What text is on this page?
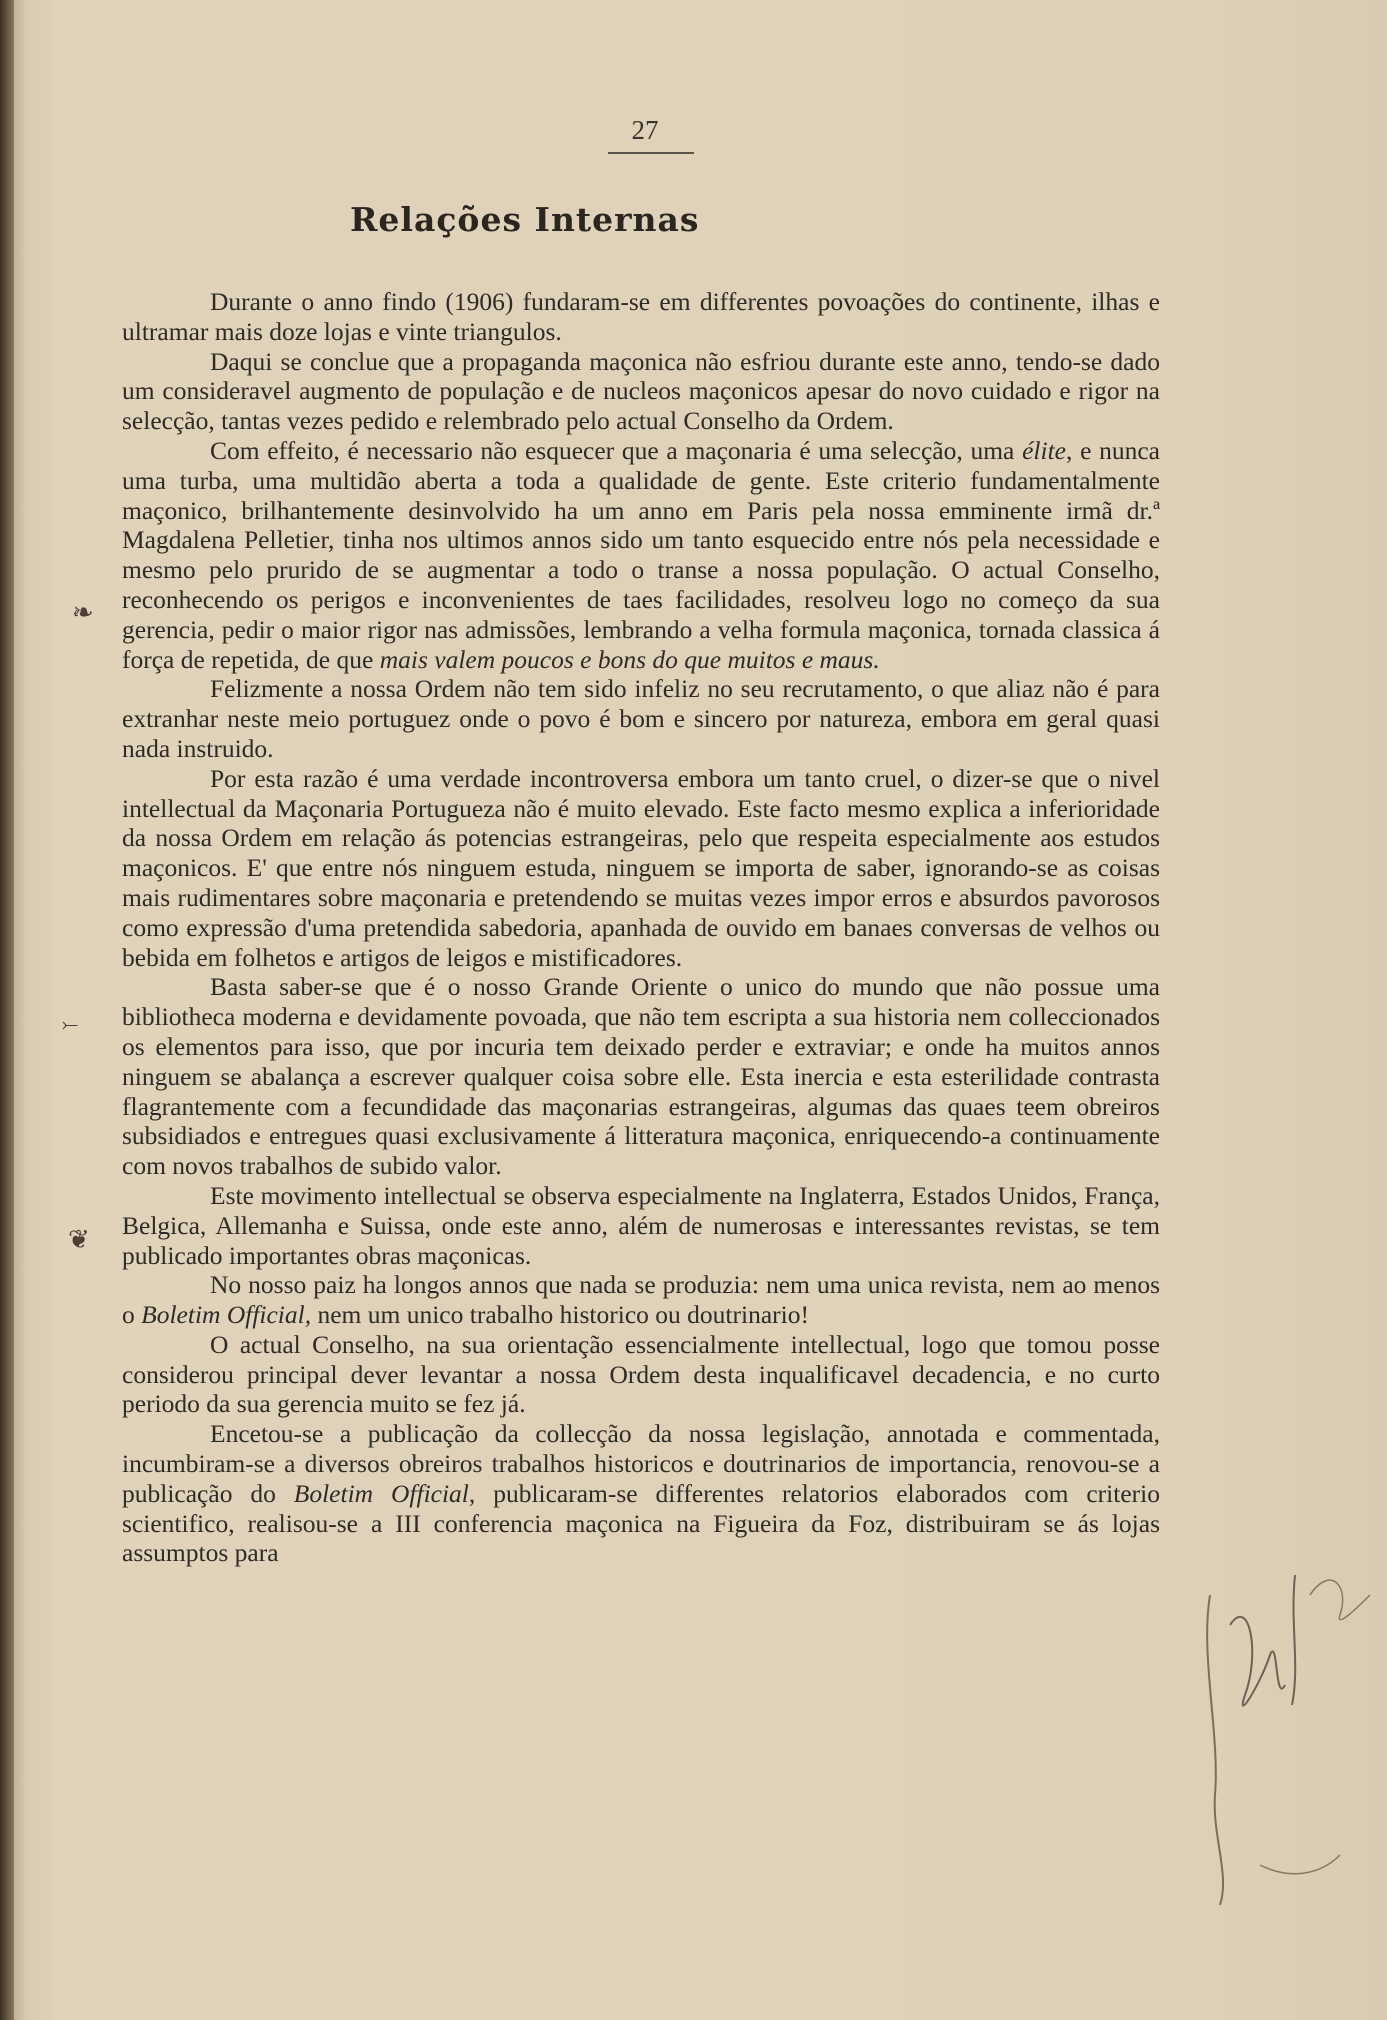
27
Relações Internas

Durante o anno findo (1906) fundaram-se em differentes povoações do continente, ilhas e ultramar mais doze lojas e vinte triangulos.

Daqui se conclue que a propaganda maçonica não esfriou durante este anno, tendo-se dado um consideravel augmento de população e de nucleos maçonicos apesar do novo cuidado e rigor na selecção, tantas vezes pedido e relembrado pelo actual Conselho da Ordem.

Com effeito, é necessario não esquecer que a maçonaria é uma selecção, uma élite, e nunca uma turba, uma multidão aberta a toda a qualidade de gente. Este criterio fundamentalmente maçonico, brilhantemente desinvolvido ha um anno em Paris pela nossa emminente irmã dr.ª Magdalena Pelletier, tinha nos ultimos annos sido um tanto esquecido entre nós pela necessidade e mesmo pelo prurido de se augmentar a todo o transe a nossa população. O actual Conselho, reconhecendo os perigos e inconvenientes de taes facilidades, resolveu logo no começo da sua gerencia, pedir o maior rigor nas admissões, lembrando a velha formula maçonica, tornada classica á força de repetida, de que mais valem poucos e bons do que muitos e maus.

Felizmente a nossa Ordem não tem sido infeliz no seu recrutamento, o que aliaz não é para extranhar neste meio portuguez onde o povo é bom e sincero por natureza, embora em geral quasi nada instruido.

Por esta razão é uma verdade incontroversa embora um tanto cruel, o dizer-se que o nivel intellectual da Maçonaria Portugueza não é muito elevado. Este facto mesmo explica a inferioridade da nossa Ordem em relação ás potencias estrangeiras, pelo que respeita especialmente aos estudos maçonicos. E' que entre nós ninguem estuda, ninguem se importa de saber, ignorando-se as coisas mais rudimentares sobre maçonaria e pretendendo se muitas vezes impor erros e absurdos pavorosos como expressão d'uma pretendida sabedoria, apanhada de ouvido em banaes conversas de velhos ou bebida em folhetos e artigos de leigos e mistificadores.

Basta saber-se que é o nosso Grande Oriente o unico do mundo que não possue uma bibliotheca moderna e devidamente povoada, que não tem escripta a sua historia nem colleccionados os elementos para isso, que por incuria tem deixado perder e extraviar; e onde ha muitos annos ninguem se abalança a escrever qualquer coisa sobre elle. Esta inercia e esta esterilidade contrasta flagrantemente com a fecundidade das maçonarias estrangeiras, algumas das quaes teem obreiros subsidiados e entregues quasi exclusivamente á litteratura maçonica, enriquecendo-a continuamente com novos trabalhos de subido valor.

Este movimento intellectual se observa especialmente na Inglaterra, Estados Unidos, França, Belgica, Allemanha e Suissa, onde este anno, além de numerosas e interessantes revistas, se tem publicado importantes obras maçonicas.

No nosso paiz ha longos annos que nada se produzia: nem uma unica revista, nem ao menos o Boletim Official, nem um unico trabalho historico ou doutrinario!

O actual Conselho, na sua orientação essencialmente intellectual, logo que tomou posse considerou principal dever levantar a nossa Ordem desta inqualificavel decadencia, e no curto periodo da sua gerencia muito se fez já.

Encetou-se a publicação da collecção da nossa legislação, annotada e commentada, incumbiram-se a diversos obreiros trabalhos historicos e doutrinarios de importancia, renovou-se a publicação do Boletim Official, publicaram-se differentes relatorios elaborados com criterio scientifico, realisou-se a III conferencia maçonica na Figueira da Foz, distribuiram se ás lojas assumptos para

❧
⤚
❦
